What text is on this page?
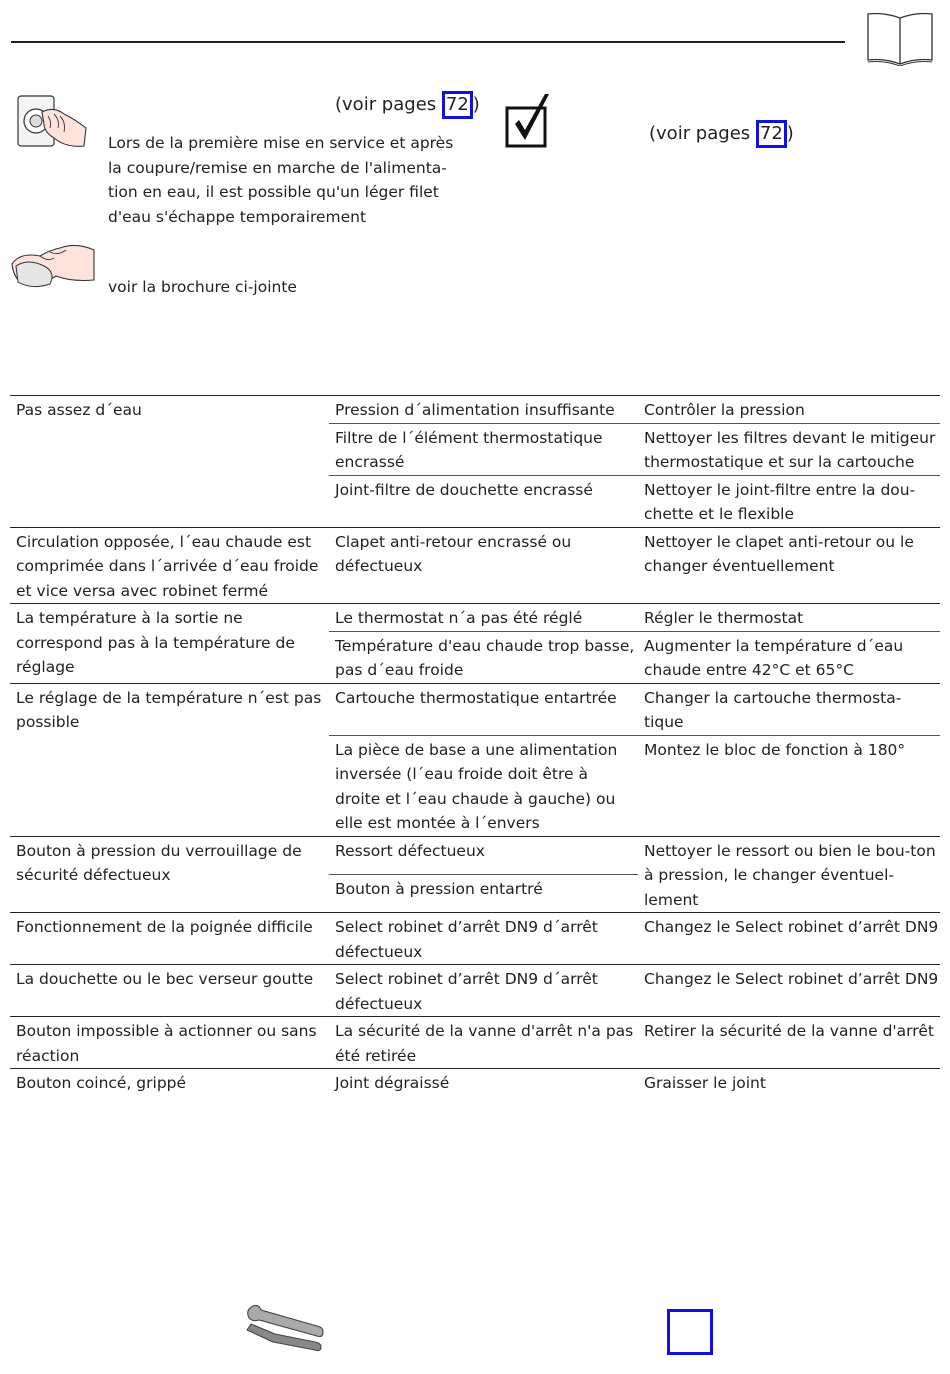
(voir pages 72 )
Lors de la première mise en service et après la coupure/remise en marche de l'alimenta-tion en eau, il est possible qu'un léger filet d'eau s'échappe temporairement
(voir pages 72 )
voir la brochure ci-jointe
Pas assez d´eau	Pression d´alimentation insuffisante	Contrôler la pression
	Filtre de l´élément thermostatique encrassé	Nettoyer les filtres devant le mitigeur thermostatique et sur la cartouche
	Joint-filtre de douchette encrassé	Nettoyer le joint-filtre entre la dou-chette et le flexible
Circulation opposée, l´eau chaude est comprimée dans l´arrivée d´eau froide et vice versa avec robinet fermé	Clapet anti-retour encrassé ou défectueux	Nettoyer le clapet anti-retour ou le changer éventuellement
La température à la sortie ne correspond pas à la température de réglage	Le thermostat n´a pas été réglé	Régler le thermostat
	Température d'eau chaude trop basse, pas d´eau froide	Augmenter la température d´eau chaude entre 42°C et 65°C
Le réglage de la température n´est pas possible	Cartouche thermostatique entartrée	Changer la cartouche thermosta-tique
	La pièce de base a une alimentation inversée (l´eau froide doit être à droite et l´eau chaude à gauche) ou elle est montée à l´envers	Montez le bloc de fonction à 180°
Bouton à pression du verrouillage de sécurité défectueux	Ressort défectueux	Nettoyer le ressort ou bien le bou-ton à pression, le changer éventuel-lement
	Bouton à pression entartré	
Fonctionnement de la poignée difficile	Select robinet d’arrêt DN9 d´arrêt défectueux	Changez le Select robinet d’arrêt DN9
La douchette ou le bec verseur goutte	Select robinet d’arrêt DN9 d´arrêt défectueux	Changez le Select robinet d’arrêt DN9
Bouton impossible à actionner ou sans réaction	La sécurité de la vanne d'arrêt n'a pas été retirée	Retirer la sécurité de la vanne d'arrêt
Bouton coincé, grippé	Joint dégraissé	Graisser le joint
